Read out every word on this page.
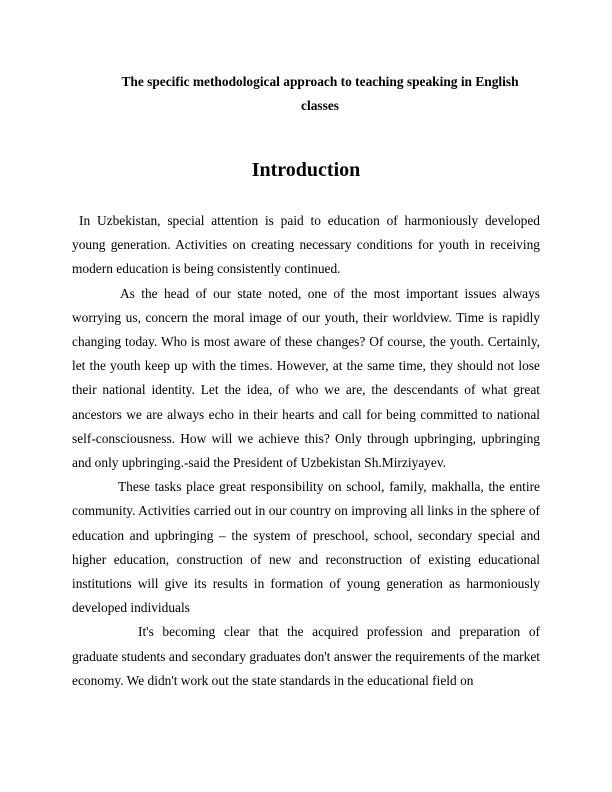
The specific methodological approach to teaching speaking in English classes

Introduction

In Uzbekistan, special attention is paid to education of harmoniously developed young generation. Activities on creating necessary conditions for youth in receiving modern education is being consistently continued.

As the head of our state noted, one of the most important issues always worrying us, concern the moral image of our youth, their worldview. Time is rapidly changing today. Who is most aware of these changes? Of course, the youth. Certainly, let the youth keep up with the times. However, at the same time, they should not lose their national identity. Let the idea, of who we are, the descendants of what great ancestors we are always echo in their hearts and call for being committed to national self-consciousness. How will we achieve this? Only through upbringing, upbringing and only upbringing.-said the President of Uzbekistan Sh.Mirziyayev.

These tasks place great responsibility on school, family, makhalla, the entire community. Activities carried out in our country on improving all links in the sphere of education and upbringing – the system of preschool, school, secondary special and higher education, construction of new and reconstruction of existing educational institutions will give its results in formation of young generation as harmoniously developed individuals

It's becoming clear that the acquired profession and preparation of graduate students and secondary graduates don't answer the requirements of the market economy. We didn't work out the state standards in the educational field on
